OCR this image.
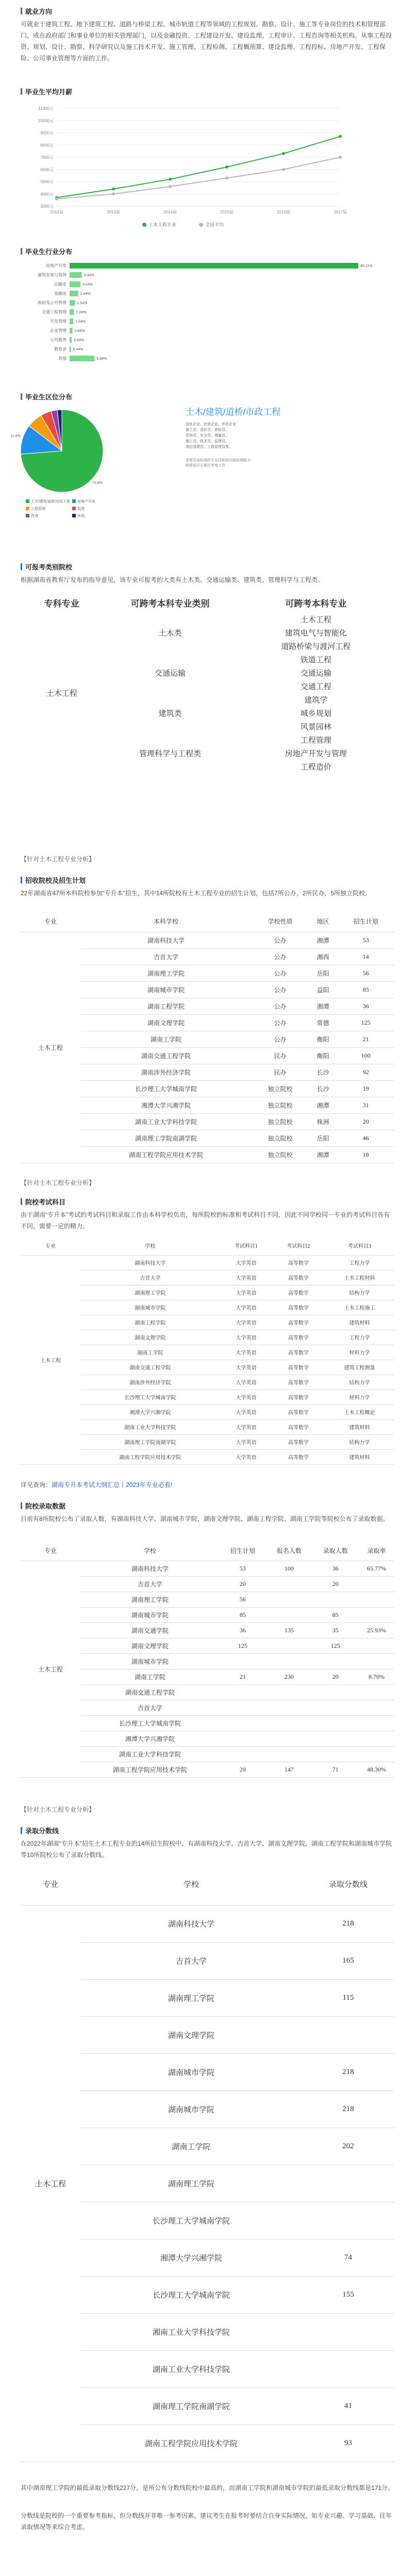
就业方向
可就业于建筑工程、地下建筑工程、道路与桥梁工程、城市轨道工程等领域的工程规划、勘察、设计、施工等专业岗位的技术和管理部门，或在政府部门和事业单位的相关管理部门，以及金融投资、工程建设开发、建设监理、工程审计、工程咨询等相关机构。从事工程投资、规划、设计、勘察、科学研究以及施工技术开发、施工管理、工程检测、工程概预算、建设监理、工程投标、房地产开发、工程保险、公司事业管理等方面的工作。
毕业生平均月薪
3000元
4000元
5000元
6000元
7000元
8000元
9000元
10000元
11000元
2012届	2013届	2014届	2015届	2016届	2017届
土木工程专业	全国平均
毕业生行业分布
房地产开发	80.11%
建筑安装与装饰	3.44%
运输业	3.04%
金融业	2.44%
政府及公共管理	1.54%
交通工程管理	1.24%
开发管理 1.04%
企业管理 0.84%
公共服务 0.64%
教育业 0.44%
其他	6.94%
毕业生区位分布
73.8%
11.6%
土木/建筑/道桥/市政工程 房地产开发
工程管理	监理
咨询	其他
土木/建筑/道桥/市政工程
国有企业、民营企业、外资企业
施工员、造价员、质检员、
资料员、安全员、测量员、
施工员、技术员、监理员、
项目管理员、工程管理员等。
需要具备较强的专业技能和沟通协调能力
能够适应长期在外地工作
可报考类别院校
根据湖南省教育厅发布的指导意见，该专业可报考的大类有土木类、交通运输类、建筑类、管理科学与工程类。
专科专业	可跨考本科专业类别	可跨考本科专业
土木工程	土木类	土木工程
		建筑电气与智能化
		道路桥梁与渡河工程
	交通运输	铁道工程
		交通运输
		交通工程
	建筑类	建筑学
		城乡规划
		风景园林
	管理科学与工程类	工程管理
		房地产开发与管理
		工程造价
【针对土木工程专业分析】
招收院校及招生计划
22年湖南省47所本科院校参加“专升本”招生，其中14所院校有土木工程专业的招生计划，包括7所公办，2所民办，5所独立院校。
专业	本科学校	学校性质	地区	招生计划
土木工程	湖南科技大学	公办	湘潭	53
	吉首大学	公办	湘西	14
	湖南理工学院	公办	岳阳	56
	湖南城市学院	公办	益阳	85
	湖南工程学院	公办	湘潭	36
	湖南文理学院	公办	常德	125
	湖南工学院	公办	衡阳	21
	湖南交通工程学院	民办	衡阳	100
	湖南涉外经济学院	民办	长沙	92
	长沙理工大学城南学院	独立院校	长沙	19
	湘潭大学兴湘学院	独立院校	湘潭	31
	湖南工业大学科技学院	独立院校	株洲	20
	湖南理工学院南湖学院	独立院校	岳阳	46
	湖南工程学院应用技术学院	独立院校	湘潭	18
【针对土木工程专业分析】
院校考试科目
由于湖南“专升本”考试的考试科目和录取工作由本科学校负责，每所院校的标准和考试科目不同，因此不同学校同一专业的考试科目各有不同，需要一定的精力。
专业	学校	考试科目1	考试科目2	考试科目3
土木工程	湖南科技大学	大学英语	高等数学	工程力学
	吉首大学	大学英语	高等数学	土木工程材料
	湖南理工学院	大学英语	高等数学	结构力学
	湖南城市学院	大学英语	高等数学	土木工程施工
	湖南工程学院	大学英语	高等数学	建筑材料
	湖南文理学院	大学英语	高等数学	工程力学
	湖南工学院	大学英语	高等数学	材料力学
	湖南交通工程学院	大学英语	高等数学	建筑工程测量
	湖南涉外经济学院	大学英语	高等数学	结构力学
	长沙理工大学城南学院	大学英语	高等数学	材料力学
	湘潭大学兴湘学院	大学英语	高等数学	土木工程概论
	湖南工业大学科技学院	大学英语	高等数学	建筑材料
	湖南理工学院南湖学院	大学英语	高等数学	结构力学
	湖南工程学院应用技术学院	大学英语	高等数学	建筑材料
详见查询：湖南专升本考试大纲汇总丨2023年专业必看!
院校录取数据
目前有8所院校公布了录取人数，有湖南科技大学、湖南城市学院、湖南文理学院、湖南工程学院、湖南工学院等院校公布了录取数据。
专业	学校	招生计划	报名人数	录取人数	录取率
土木工程	湖南科技大学	53	100	36	65.77%
	吉首大学	20		20	
	湖南理工学院	56			
	湖南城市学院	85		85	
	湖南交通学院	36	135	35	25.93%
	湖南文理学院	125		125	
	湖南城市学院				
	湖南工学院	21	230	20	8.70%
	湖南交通工程学院				
	吉首大学				
	长沙理工大学城南学院				
	湘潭大学兴湘学院				
	湖南工业大学科技学院				
	湖南工程学院应用技术学院	20	147	71	48.30%
【针对土木工程专业分析】
录取分数线
在2022年湖南“专升本”招生土木工程专业的14所招生院校中，有湖南科技大学、吉首大学、湖南文理学院、湖南工程学院和湖南城市学院等10所院校公布了录取分数线。
专业	学校	录取分数线
土木工程	湖南科技大学	218
	吉首大学	165
	湖南理工学院	115
	湖南文理学院	
	湖南城市学院	218
	湖南城市学院	218
	湖南工学院	202
	湖南理工学院	
	长沙理工大学城南学院	
	湘潭大学兴湘学院	74
	长沙理工大学城南学院	155
	湘南工业大学科技学院	
	湖南工业大学科技学院	
	湖南理工学院南湖学院	41
	湖南工程学院应用技术学院	93
其中湖南理工学院的最低录取分数线227分，是所公布分数线院校中最高的，而湖南工学院和湖南城市学院的最低录取分数线都是171分。
分数线是院校的一个重要参考指标，但分数线并非唯一参考因素。建议考生在报考时要结合自身实际情况，如专业兴趣、学习基础、往年录取情况等来综合考虑。
